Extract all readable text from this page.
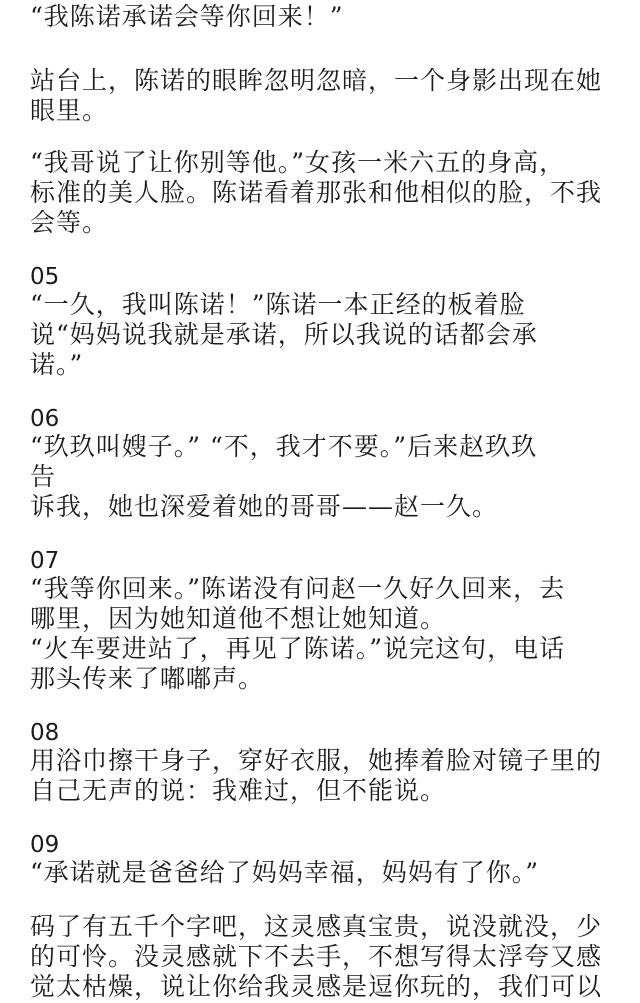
“我陈诺承诺会等你回来！”
站台上，陈诺的眼眸忽明忽暗，一个身影出现在她
眼里。
“我哥说了让你别等他。”女孩一米六五的身高，
标准的美人脸。陈诺看着那张和他相似的脸，不我
会等。
05
“一久，我叫陈诺！”陈诺一本正经的板着脸
说“妈妈说我就是承诺，所以我说的话都会承
诺。”
06
“玖玖叫嫂子。” “不，我才不要。”后来赵玖玖
告
诉我，她也深爱着她的哥哥——赵一久。
07
“我等你回来。”陈诺没有问赵一久好久回来，去
哪里，因为她知道他不想让她知道。
“火车要进站了，再见了陈诺。”说完这句，电话
那头传来了嘟嘟声。
08
用浴巾擦干身子，穿好衣服，她捧着脸对镜子里的
自己无声的说：我难过，但不能说。
09
“承诺就是爸爸给了妈妈幸福，妈妈有了你。”
码了有五千个字吧，这灵感真宝贵，说没就没，少
的可怜。没灵感就下不去手，不想写得太浮夸又感
觉太枯燥，说让你给我灵感是逗你玩的，我们可以
